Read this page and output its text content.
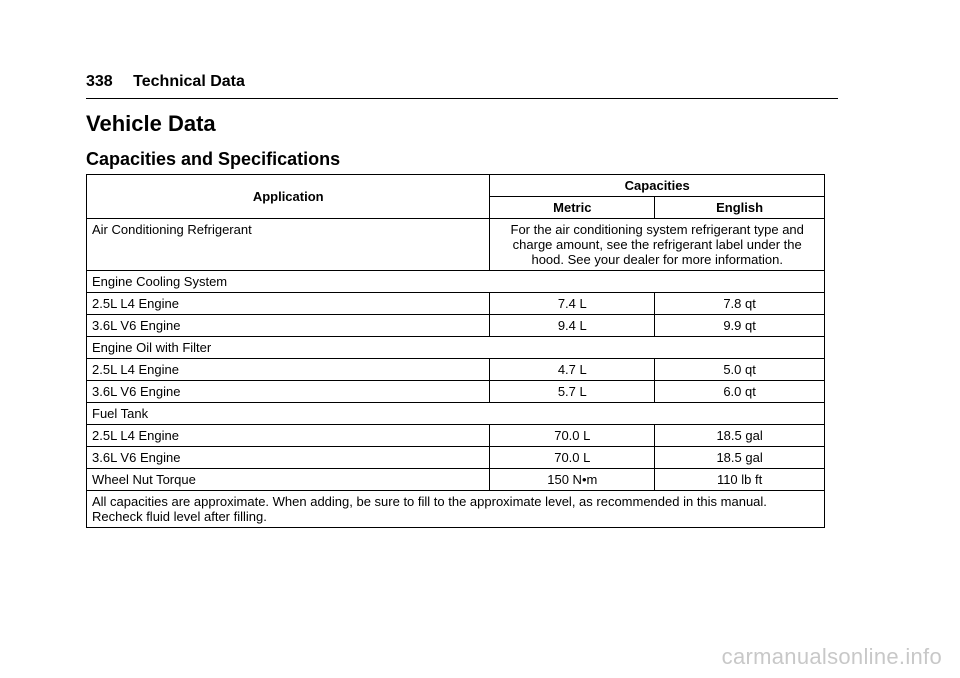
338 Technical Data
Vehicle Data
Capacities and Specifications
Application	Capacities	
	Metric	English
Air Conditioning Refrigerant	For the air conditioning system refrigerant type and charge amount, see the refrigerant label under the hood. See your dealer for more information.	
Engine Cooling System		
2.5L L4 Engine	7.4 L	7.8 qt
3.6L V6 Engine	9.4 L	9.9 qt
Engine Oil with Filter		
2.5L L4 Engine	4.7 L	5.0 qt
3.6L V6 Engine	5.7 L	6.0 qt
Fuel Tank		
2.5L L4 Engine	70.0 L	18.5 gal
3.6L V6 Engine	70.0 L	18.5 gal
Wheel Nut Torque	150 N•m	110 lb ft
All capacities are approximate. When adding, be sure to fill to the approximate level, as recommended in this manual. Recheck fluid level after filling.		
carmanualsonline.info
